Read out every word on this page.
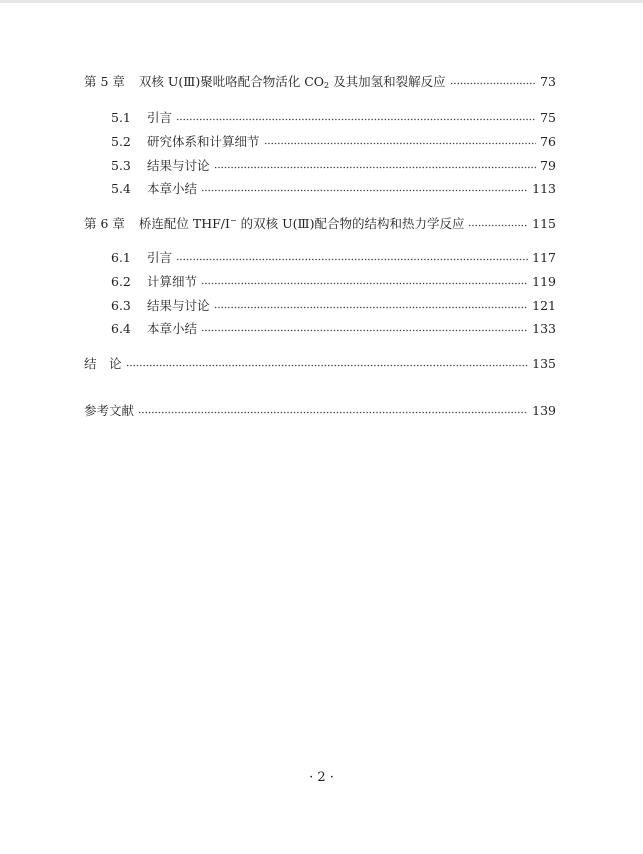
第 5 章 双核 U(Ⅲ)聚吡咯配合物活化 $CO_2$ 及其加氢和裂解反应	73
5.1	引言	75
5.2	研究体系和计算细节	76
5.3	结果与讨论	79
5.4	本章小结	113
第 6 章 桥连配位 THF/I− 的双核 U(Ⅲ)配合物的结构和热力学反应	115
6.1	引言	117
6.2	计算细节	119
6.3	结果与讨论	121
6.4	本章小结	133
结　论	135
参考文献	139
· 2 ·
